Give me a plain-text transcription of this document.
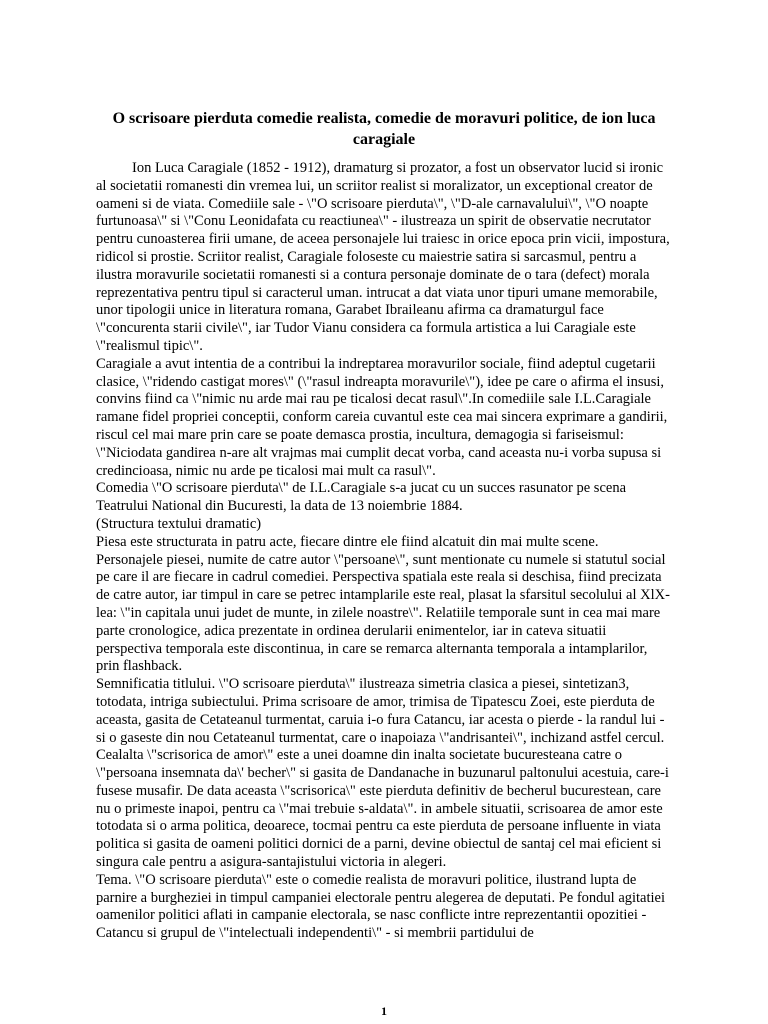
O scrisoare pierduta comedie realista, comedie de moravuri politice, de ion luca caragiale

Ion Luca Caragiale (1852 - 1912), dramaturg si prozator, a fost un observator lucid si ironic al societatii romanesti din vremea lui, un scriitor realist si moralizator, un exceptional creator de oameni si de viata. Comediile sale - \"O scrisoare pierduta\", \"D-ale carnavalului\", \"O noapte furtunoasa\" si \"Conu Leonidafata cu reactiunea\" - ilustreaza un spirit de observatie necrutator pentru cunoasterea firii umane, de aceea personajele lui traiesc in orice epoca prin vicii, impostura, ridicol si prostie. Scriitor realist, Caragiale foloseste cu maiestrie satira si sarcasmul, pentru a ilustra moravurile societatii romanesti si a contura personaje dominate de o tara (defect) morala reprezentativa pentru tipul si caracterul uman. intrucat a dat viata unor tipuri umane memorabile, unor tipologii unice in literatura romana, Garabet Ibraileanu afirma ca dramaturgul face \"concurenta starii civile\", iar Tudor Vianu considera ca formula artistica a lui Caragiale este \"realismul tipic\".

Caragiale a avut intentia de a contribui la indreptarea moravurilor sociale, fiind adeptul cugetarii clasice, \"ridendo castigat mores\" (\"rasul indreapta moravurile\"), idee pe care o afirma el insusi, convins fiind ca \"nimic nu arde mai rau pe ticalosi decat rasul\".In comediile sale I.L.Caragiale ramane fidel propriei conceptii, conform careia cuvantul este cea mai sincera exprimare a gandirii, riscul cel mai mare prin care se poate demasca prostia, incultura, demagogia si fariseismul: \"Niciodata gandirea n-are alt vrajmas mai cumplit decat vorba, cand aceasta nu-i vorba supusa si credincioasa, nimic nu arde pe ticalosi mai mult ca rasul\".

Comedia \"O scrisoare pierduta\" de I.L.Caragiale s-a jucat cu un succes rasunator pe scena Teatrului National din Bucuresti, la data de 13 noiembrie 1884.

(Structura textului dramatic)

Piesa este structurata in patru acte, fiecare dintre ele fiind alcatuit din mai multe scene.

Personajele piesei, numite de catre autor \"persoane\", sunt mentionate cu numele si statutul social pe care il are fiecare in cadrul comediei. Perspectiva spatiala este reala si deschisa, fiind precizata de catre autor, iar timpul in care se petrec intamplarile este real, plasat la sfarsitul secolului al XlX-lea: \"in capitala unui judet de munte, in zilele noastre\". Relatiile temporale sunt in cea mai mare parte cronologice, adica prezentate in ordinea derularii enimentelor, iar in cateva situatii perspectiva temporala este discontinua, in care se remarca alternanta temporala a intamplarilor, prin flashback.

Semnificatia titlului. \"O scrisoare pierduta\" ilustreaza simetria clasica a piesei, sintetizan3, totodata, intriga subiectului. Prima scrisoare de amor, trimisa de Tipatescu Zoei, este pierduta de aceasta, gasita de Cetateanul turmentat, caruia i-o fura Catancu, iar acesta o pierde - la randul lui - si o gaseste din nou Cetateanul turmentat, care o inapoiaza \"andrisantei\", inchizand astfel cercul. Cealalta \"scrisorica de amor\" este a unei doamne din inalta societate bucuresteana catre o \"persoana insemnata da\' becher\" si gasita de Dandanache in buzunarul paltonului acestuia, care-i fusese musafir. De data aceasta \"scrisorica\" este pierduta definitiv de becherul bucurestean, care nu o primeste inapoi, pentru ca \"mai trebuie s-aldata\". in ambele situatii, scrisoarea de amor este totodata si o arma politica, deoarece, tocmai pentru ca este pierduta de persoane influente in viata politica si gasita de oameni politici dornici de a parni, devine obiectul de santaj cel mai eficient si singura cale pentru a asigura-santajistului victoria in alegeri.

Tema. \"O scrisoare pierduta\" este o comedie realista de moravuri politice, ilustrand lupta de parnire a burgheziei in timpul campaniei electorale pentru alegerea de deputati. Pe fondul agitatiei oamenilor politici aflati in campanie electorala, se nasc conflicte intre reprezentantii opozitiei - Catancu si grupul de \"intelectuali independenti\" - si membrii partidului de

1
